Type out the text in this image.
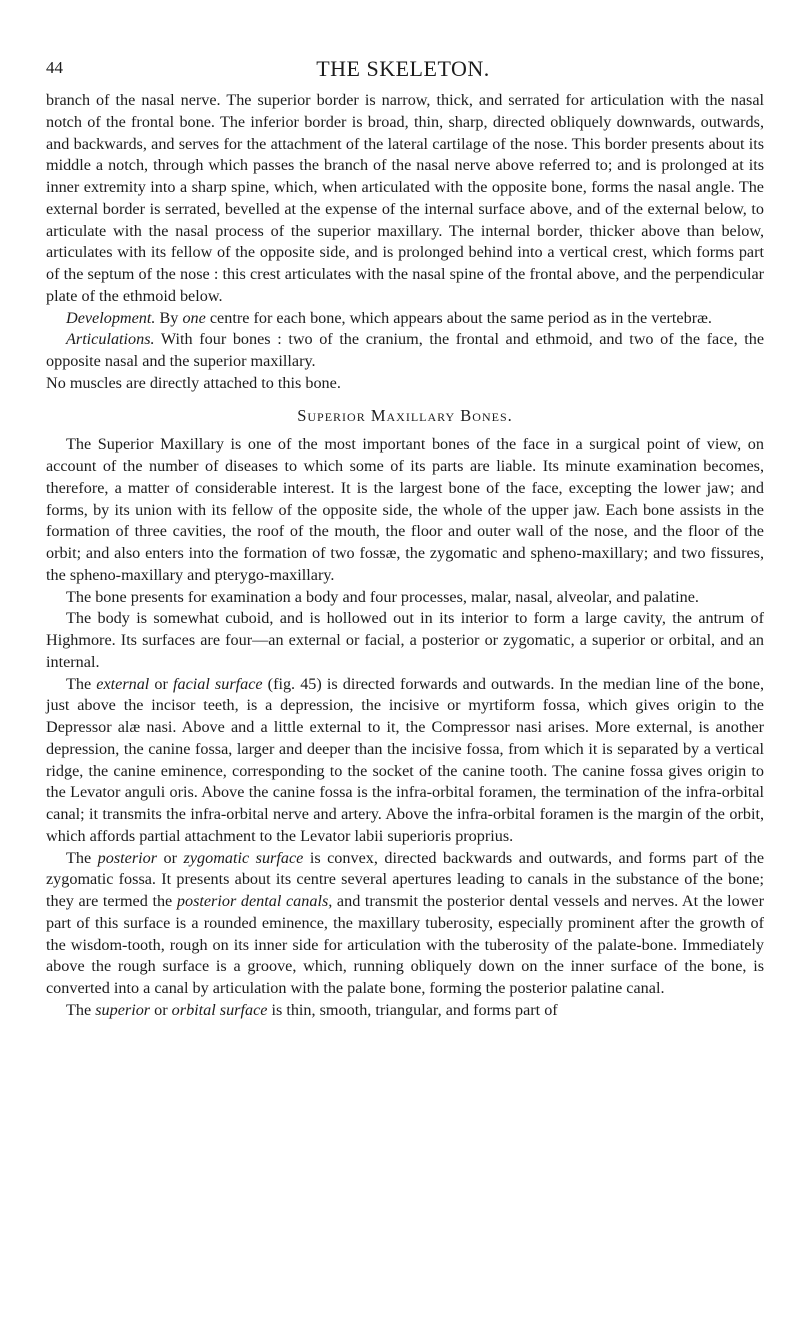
44	THE SKELETON.

branch of the nasal nerve. The superior border is narrow, thick, and serrated for articulation with the nasal notch of the frontal bone. The inferior border is broad, thin, sharp, directed obliquely downwards, outwards, and backwards, and serves for the attachment of the lateral cartilage of the nose. This border presents about its middle a notch, through which passes the branch of the nasal nerve above referred to; and is prolonged at its inner extremity into a sharp spine, which, when articulated with the opposite bone, forms the nasal angle. The external border is serrated, bevelled at the expense of the internal surface above, and of the external below, to articulate with the nasal process of the superior maxillary. The internal border, thicker above than below, articulates with its fellow of the opposite side, and is prolonged behind into a vertical crest, which forms part of the septum of the nose : this crest articulates with the nasal spine of the frontal above, and the perpendicular plate of the ethmoid below.

Development. By one centre for each bone, which appears about the same period as in the vertebræ.

Articulations. With four bones : two of the cranium, the frontal and ethmoid, and two of the face, the opposite nasal and the superior maxillary.

No muscles are directly attached to this bone.

Superior Maxillary Bones.

The Superior Maxillary is one of the most important bones of the face in a surgical point of view, on account of the number of diseases to which some of its parts are liable. Its minute examination becomes, therefore, a matter of considerable interest. It is the largest bone of the face, excepting the lower jaw; and forms, by its union with its fellow of the opposite side, the whole of the upper jaw. Each bone assists in the formation of three cavities, the roof of the mouth, the floor and outer wall of the nose, and the floor of the orbit; and also enters into the formation of two fossæ, the zygomatic and spheno-maxillary; and two fissures, the spheno-maxillary and pterygo-maxillary.

The bone presents for examination a body and four processes, malar, nasal, alveolar, and palatine.

The body is somewhat cuboid, and is hollowed out in its interior to form a large cavity, the antrum of Highmore. Its surfaces are four—an external or facial, a posterior or zygomatic, a superior or orbital, and an internal.

The external or facial surface (fig. 45) is directed forwards and outwards. In the median line of the bone, just above the incisor teeth, is a depression, the incisive or myrtiform fossa, which gives origin to the Depressor alæ nasi. Above and a little external to it, the Compressor nasi arises. More external, is another depression, the canine fossa, larger and deeper than the incisive fossa, from which it is separated by a vertical ridge, the canine eminence, corresponding to the socket of the canine tooth. The canine fossa gives origin to the Levator anguli oris. Above the canine fossa is the infra-orbital foramen, the termination of the infra-orbital canal; it transmits the infra-orbital nerve and artery. Above the infra-orbital foramen is the margin of the orbit, which affords partial attachment to the Levator labii superioris proprius.

The posterior or zygomatic surface is convex, directed backwards and outwards, and forms part of the zygomatic fossa. It presents about its centre several apertures leading to canals in the substance of the bone; they are termed the posterior dental canals, and transmit the posterior dental vessels and nerves. At the lower part of this surface is a rounded eminence, the maxillary tuberosity, especially prominent after the growth of the wisdom-tooth, rough on its inner side for articulation with the tuberosity of the palate-bone. Immediately above the rough surface is a groove, which, running obliquely down on the inner surface of the bone, is converted into a canal by articulation with the palate bone, forming the posterior palatine canal.

The superior or orbital surface is thin, smooth, triangular, and forms part of
